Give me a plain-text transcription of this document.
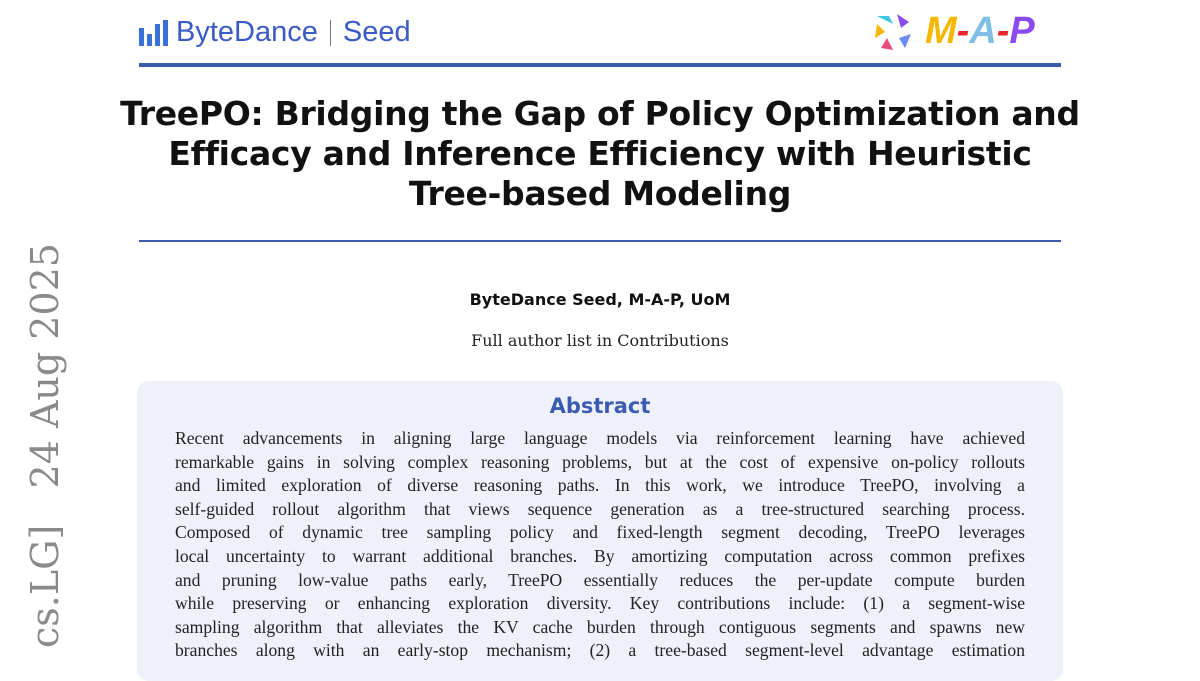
ByteDance Seed	M-A-P
TreePO: Bridging the Gap of Policy Optimization and
Efficacy and Inference Efficiency with Heuristic
Tree-based Modeling
ByteDance Seed, M-A-P, UoM
Full author list in Contributions
Abstract
Recent advancements in aligning large language models via reinforcement learning have achieved
remarkable gains in solving complex reasoning problems, but at the cost of expensive on-policy rollouts
and limited exploration of diverse reasoning paths. In this work, we introduce TreePO, involving a
self-guided rollout algorithm that views sequence generation as a tree-structured searching process.
Composed of dynamic tree sampling policy and fixed-length segment decoding, TreePO leverages
local uncertainty to warrant additional branches. By amortizing computation across common prefixes
and pruning low-value paths early, TreePO essentially reduces the per-update compute burden
while preserving or enhancing exploration diversity. Key contributions include: (1) a segment-wise
sampling algorithm that alleviates the KV cache burden through contiguous segments and spawns new
branches along with an early-stop mechanism; (2) a tree-based segment-level advantage estimation
cs.LG]   24 Aug 2025
